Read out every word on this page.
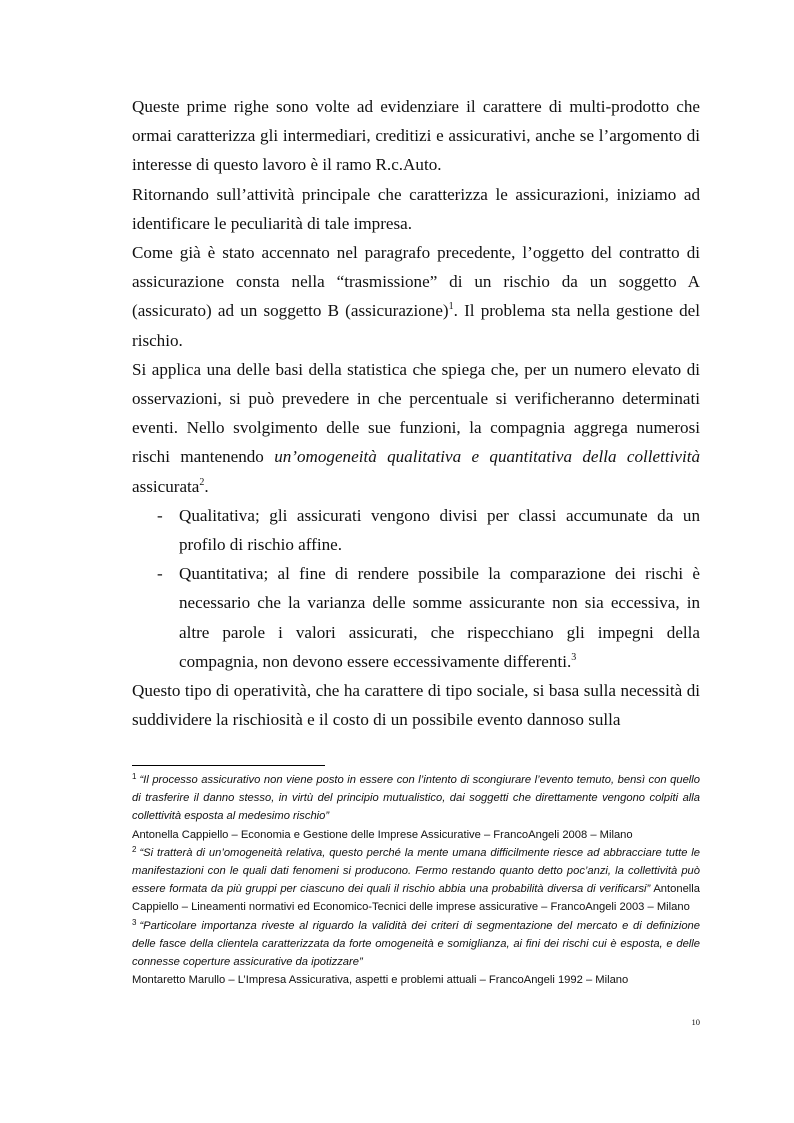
Queste prime righe sono volte ad evidenziare il carattere di multi-prodotto che ormai caratterizza gli intermediari, creditizi e assicurativi, anche se l’argomento di interesse di questo lavoro è il ramo R.c.Auto.

Ritornando sull’attività principale che caratterizza le assicurazioni, iniziamo ad identificare le peculiarità di tale impresa.

Come già è stato accennato nel paragrafo precedente, l’oggetto del contratto di assicurazione consta nella “trasmissione” di un rischio da un soggetto A (assicurato) ad un soggetto B (assicurazione)$^1$. Il problema sta nella gestione del rischio.

Si applica una delle basi della statistica che spiega che, per un numero elevato di osservazioni, si può prevedere in che percentuale si verificheranno determinati eventi. Nello svolgimento delle sue funzioni, la compagnia aggrega numerosi rischi mantenendo un’omogeneità qualitativa e quantitativa della collettività assicurata$^2$.

- Qualitativa; gli assicurati vengono divisi per classi accumunate da un profilo di rischio affine.

- Quantitativa; al fine di rendere possibile la comparazione dei rischi è necessario che la varianza delle somme assicurante non sia eccessiva, in altre parole i valori assicurati, che rispecchiano gli impegni della compagnia, non devono essere eccessivamente differenti.$^3$

Questo tipo di operatività, che ha carattere di tipo sociale, si basa sulla necessità di suddividere la rischiosità e il costo di un possibile evento dannoso sulla

$^1$ “Il processo assicurativo non viene posto in essere con l’intento di scongiurare l’evento temuto, bensì con quello di trasferire il danno stesso, in virtù del principio mutualistico, dai soggetti che direttamente vengono colpiti alla collettività esposta al medesimo rischio”

Antonella Cappiello – Economia e Gestione delle Imprese Assicurative – FrancoAngeli 2008 – Milano

$^2$ “Si tratterà di un’omogeneità relativa, questo perché la mente umana difficilmente riesce ad abbracciare tutte le manifestazioni con le quali dati fenomeni si producono. Fermo restando quanto detto poc’anzi, la collettività può essere formata da più gruppi per ciascuno dei quali il rischio abbia una probabilità diversa di verificarsi” Antonella Cappiello – Lineamenti normativi ed Economico-Tecnici delle imprese assicurative – FrancoAngeli 2003 – Milano

$^3$ “Particolare importanza riveste al riguardo la validità dei criteri di segmentazione del mercato e di definizione delle fasce della clientela caratterizzata da forte omogeneità e somiglianza, ai fini dei rischi cui è esposta, e delle connesse coperture assicurative da ipotizzare”

Montaretto Marullo – L’Impresa Assicurativa, aspetti e problemi attuali – FrancoAngeli 1992 – Milano

10
